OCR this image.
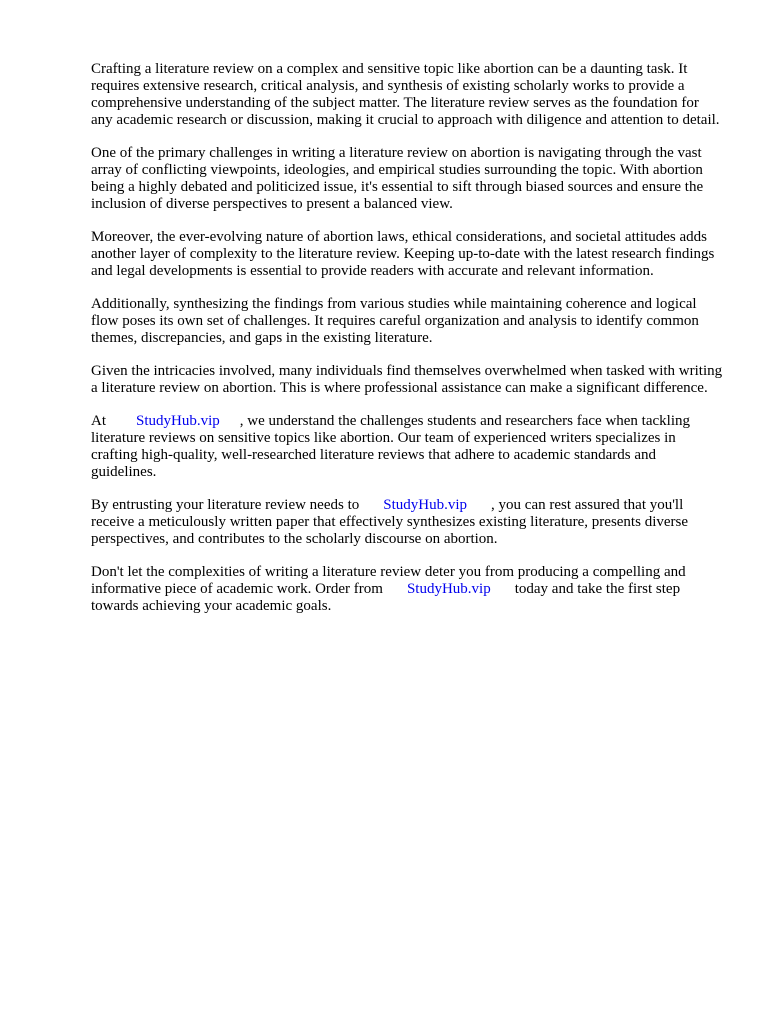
Crafting a literature review on a complex and sensitive topic like abortion can be a daunting task. It requires extensive research, critical analysis, and synthesis of existing scholarly works to provide a comprehensive understanding of the subject matter. The literature review serves as the foundation for any academic research or discussion, making it crucial to approach with diligence and attention to detail.

One of the primary challenges in writing a literature review on abortion is navigating through the vast array of conflicting viewpoints, ideologies, and empirical studies surrounding the topic. With abortion being a highly debated and politicized issue, it's essential to sift through biased sources and ensure the inclusion of diverse perspectives to present a balanced view.

Moreover, the ever-evolving nature of abortion laws, ethical considerations, and societal attitudes adds another layer of complexity to the literature review. Keeping up-to-date with the latest research findings and legal developments is essential to provide readers with accurate and relevant information.

Additionally, synthesizing the findings from various studies while maintaining coherence and logical flow poses its own set of challenges. It requires careful organization and analysis to identify common themes, discrepancies, and gaps in the existing literature.

Given the intricacies involved, many individuals find themselves overwhelmed when tasked with writing a literature review on abortion. This is where professional assistance can make a significant difference.

At StudyHub.vip , we understand the challenges students and researchers face when tackling literature reviews on sensitive topics like abortion. Our team of experienced writers specializes in crafting high-quality, well-researched literature reviews that adhere to academic standards and guidelines.

By entrusting your literature review needs to StudyHub.vip , you can rest assured that you'll receive a meticulously written paper that effectively synthesizes existing literature, presents diverse perspectives, and contributes to the scholarly discourse on abortion.

Don't let the complexities of writing a literature review deter you from producing a compelling and informative piece of academic work. Order from StudyHub.vip today and take the first step towards achieving your academic goals.
